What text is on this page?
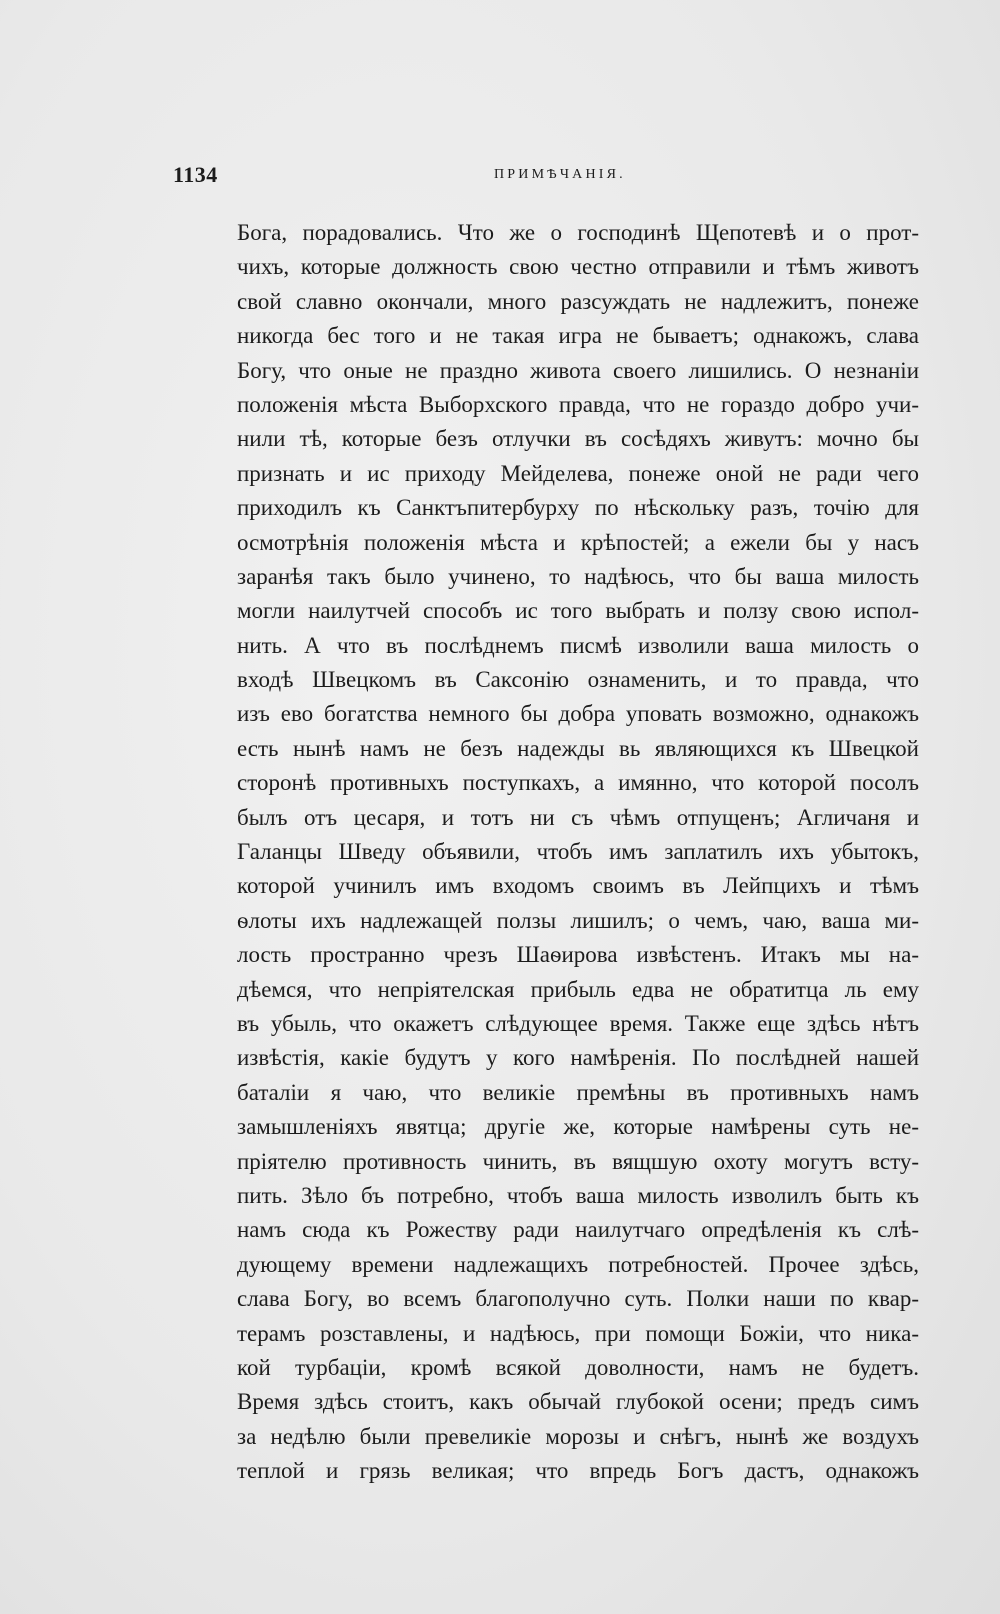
1134	ПРИМѢЧАНІЯ.
Бога, порадовались. Что же о господинѣ Щепотевѣ и о прот-
чихъ, которые должность свою честно отправили и тѣмъ животъ
свой славно окончали, много разсуждать не надлежитъ, понеже
никогда бес того и не такая игра не бываетъ; однакожъ, слава
Богу, что оные не праздно живота своего лишились. О незнаніи
положенія мѣста Выборхского правда, что не гораздо добро учи-
нили тѣ, которые безъ отлучки въ сосѣдяхъ живутъ: мочно бы
признать и ис приходу Мейделева, понеже оной не ради чего
приходилъ къ Санктъпитербурху по нѣскольку разъ, точію для
осмотрѣнія положенія мѣста и крѣпостей; а ежели бы у насъ
заранѣя такъ было учинено, то надѣюсь, что бы ваша милость
могли наилутчей способъ ис того выбрать и ползу свою испол-
нить. А что въ послѣднемъ писмѣ изволили ваша милость о
входѣ Швецкомъ въ Саксонію ознаменить, и то правда, что
изъ ево богатства немного бы добра уповать возможно, однакожъ
есть нынѣ намъ не безъ надежды вь являющихся къ Швецкой
сторонѣ противныхъ поступкахъ, а имянно, что которой посолъ
былъ отъ цесаря, и тотъ ни съ чѣмъ отпущенъ; Агличаня и
Галанцы Шведу объявили, чтобъ имъ заплатилъ ихъ убытокъ,
которой учинилъ имъ входомъ своимъ въ Лейпцихъ и тѣмъ
ѳлоты ихъ надлежащей ползы лишилъ; о чемъ, чаю, ваша ми-
лость пространно чрезъ Шаѳирова извѣстенъ. Итакъ мы на-
дѣемся, что непріятелская прибыль едва не обратитца ль ему
въ убыль, что окажетъ слѣдующее время. Также еще здѣсь нѣтъ
извѣстія, какіе будутъ у кого намѣренія. По послѣдней нашей
баталіи я чаю, что великіе премѣны въ противныхъ намъ
замышленіяхъ явятца; другіе же, которые намѣрены суть не-
пріятелю противность чинить, въ вящшую охоту могутъ всту-
пить. Зѣло бъ потребно, чтобъ ваша милость изволилъ быть къ
намъ сюда къ Рожеству ради наилутчаго опредѣленія къ слѣ-
дующему времени надлежащихъ потребностей. Прочее здѣсь,
слава Богу, во всемъ благополучно суть. Полки наши по квар-
терамъ розставлены, и надѣюсь, при помощи Божіи, что ника-
кой турбаціи, кромѣ всякой доволности, намъ не будетъ.
Время здѣсь стоитъ, какъ обычай глубокой осени; предъ симъ
за недѣлю были превеликіе морозы и снѣгъ, нынѣ же воздухъ
теплой и грязь великая; что впредь Богъ дастъ, однакожъ
